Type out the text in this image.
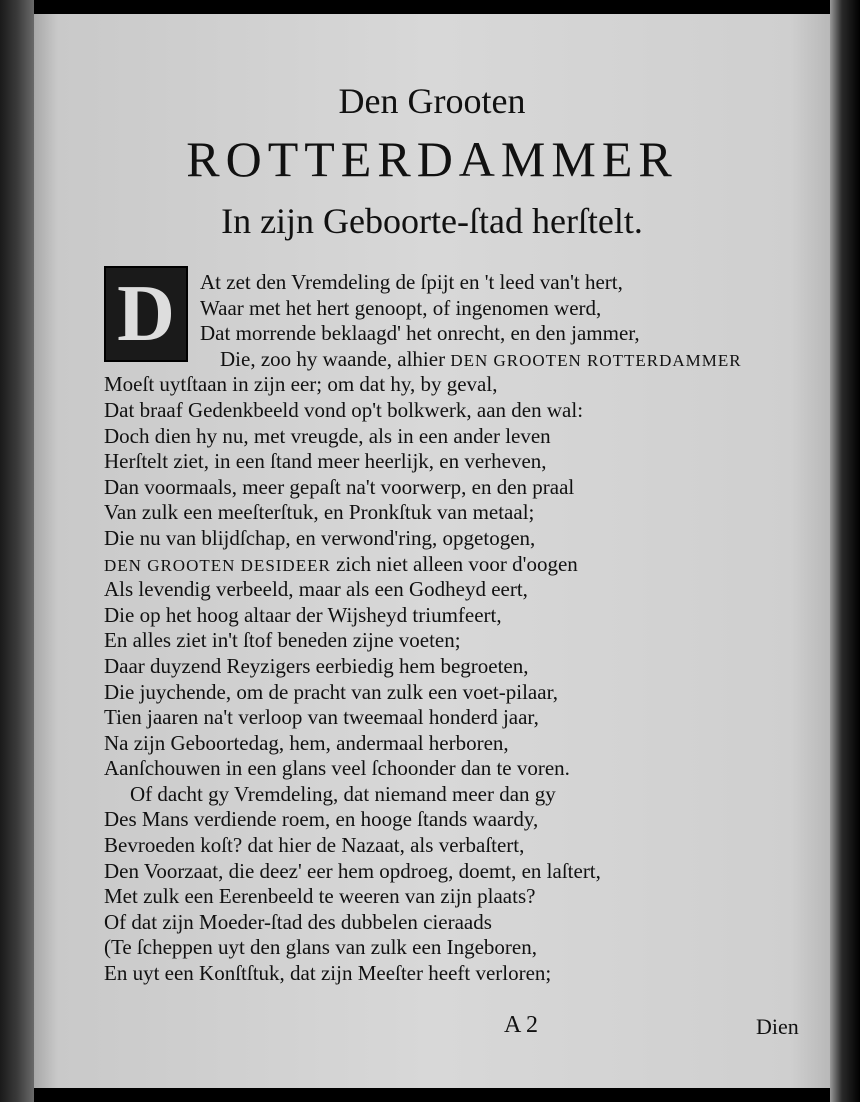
Den Grooten
ROTTERDAMMER
In zijn Geboorte-ſtad herſtelt.
D	At zet den Vremdeling de ſpijt en 't leed van't hert,
Waar met het hert genoopt, of ingenomen werd,
Dat morrende beklaagd' het onrecht, en den jammer,
Die, zoo hy waande, alhier DEN GROOTEN ROTTERDAMMER
Moeſt uytſtaan in zijn eer; om dat hy, by geval,
Dat braaf Gedenkbeeld vond op't bolkwerk, aan den wal:
Doch dien hy nu, met vreugde, als in een ander leven
Herſtelt ziet, in een ſtand meer heerlijk, en verheven,
Dan voormaals, meer gepaſt na't voorwerp, en den praal
Van zulk een meeſterſtuk, en Pronkſtuk van metaal;
Die nu van blijdſchap, en verwond'ring, opgetogen,
DEN GROOTEN DESIDEER zich niet alleen voor d'oogen
Als levendig verbeeld, maar als een Godheyd eert,
Die op het hoog altaar der Wijsheyd triumfeert,
En alles ziet in't ſtof beneden zijne voeten;
Daar duyzend Reyzigers eerbiedig hem begroeten,
Die juychende, om de pracht van zulk een voet-pilaar,
Tien jaaren na't verloop van tweemaal honderd jaar,
Na zijn Geboortedag, hem, andermaal herboren,
Aanſchouwen in een glans veel ſchoonder dan te voren.
Of dacht gy Vremdeling, dat niemand meer dan gy
Des Mans verdiende roem, en hooge ſtands waardy,
Bevroeden koſt? dat hier de Nazaat, als verbaſtert,
Den Voorzaat, die deez' eer hem opdroeg, doemt, en laſtert,
Met zulk een Eerenbeeld te weeren van zijn plaats?
Of dat zijn Moeder-ſtad des dubbelen cieraads
(Te ſcheppen uyt den glans van zulk een Ingeboren,
En uyt een Konſtſtuk, dat zijn Meeſter heeft verloren;
A 2	Dien
